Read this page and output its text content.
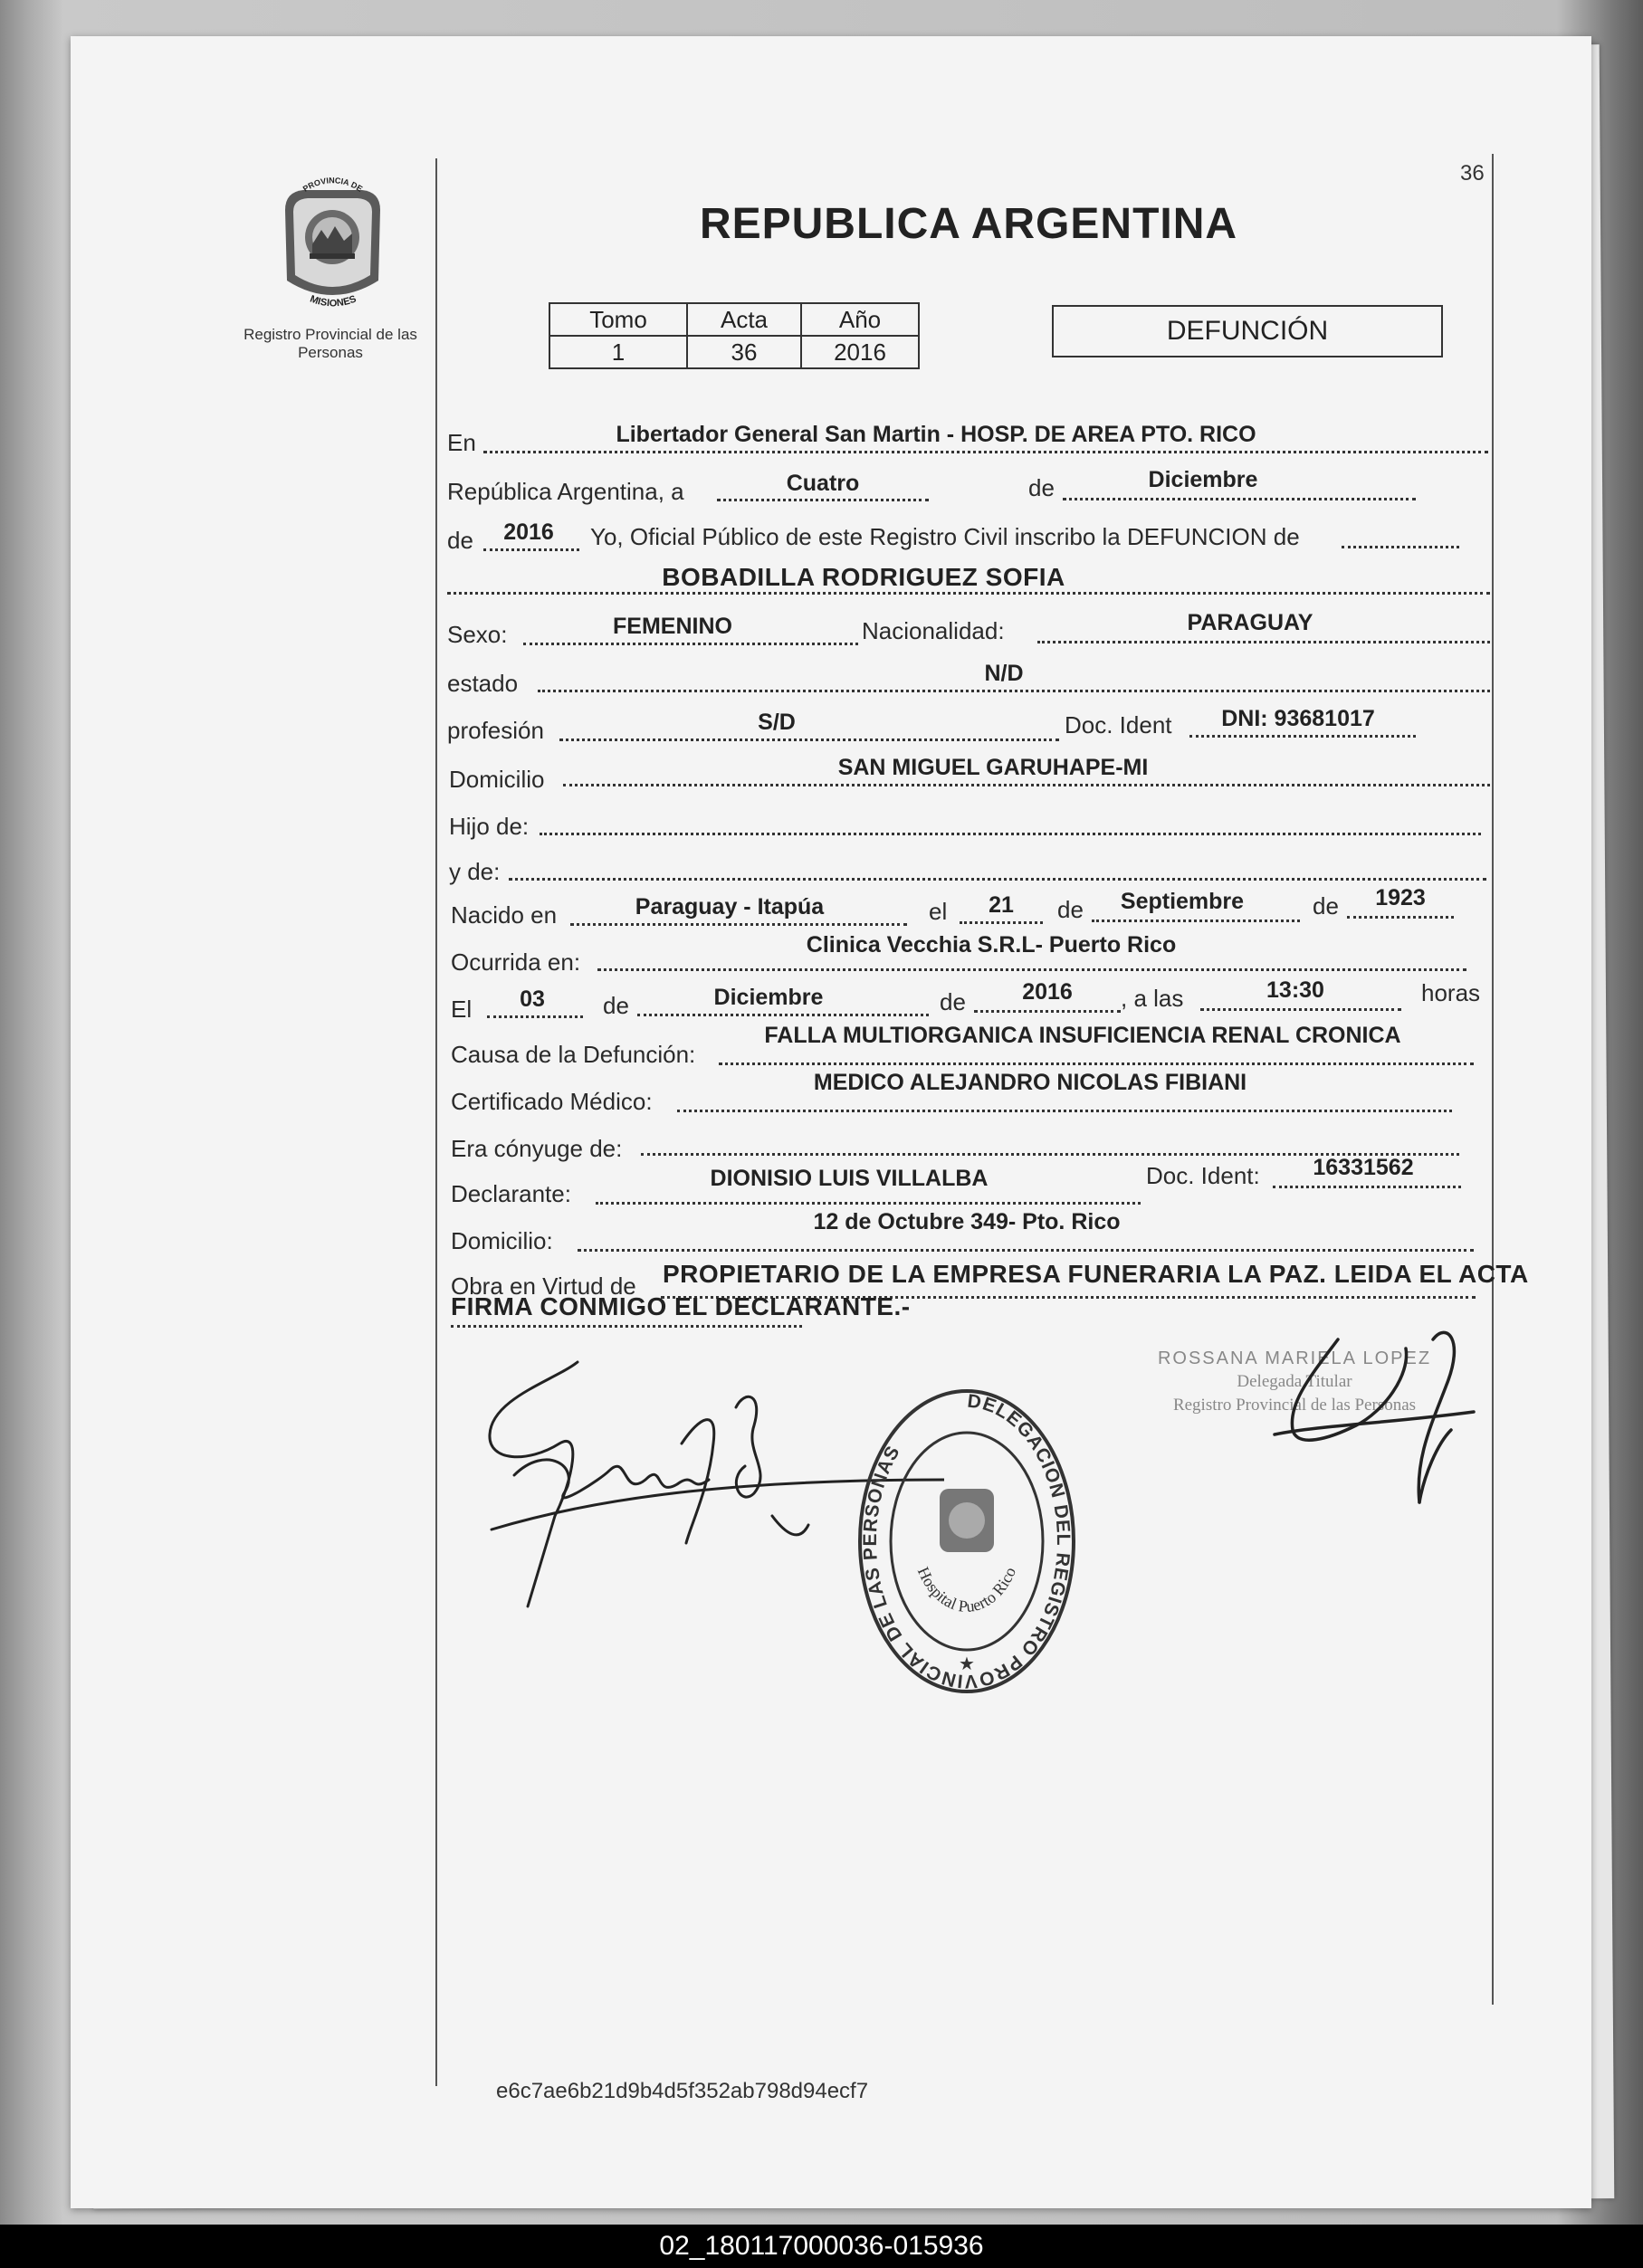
36
PROVINCIA DE
MISIONES
Registro Provincial de las Personas
REPUBLICA ARGENTINA
Tomo	Acta	Año
1	36	2016
DEFUNCIÓN
En	Libertador General San Martin - HOSP. DE AREA PTO. RICO
República Argentina, a	Cuatro	de	Diciembre
de	2016	Yo, Oficial Público de este Registro Civil inscribo la DEFUNCION de
BOBADILLA RODRIGUEZ SOFIA
Sexo:	FEMENINO	Nacionalidad:	PARAGUAY
estado	N/D
profesión	S/D	Doc. Ident	DNI: 93681017
Domicilio	SAN MIGUEL GARUHAPE-MI
Hijo de:
y de:
Nacido en	Paraguay - Itapúa	el	21	de	Septiembre	de	1923
Ocurrida en:
Clinica Vecchia S.R.L- Puerto Rico
El	03	de	Diciembre	de	2016	, a las	13:30	horas
Causa de la Defunción:
FALLA MULTIORGANICA INSUFICIENCIA RENAL CRONICA
Certificado Médico:
MEDICO ALEJANDRO NICOLAS FIBIANI
Era cónyuge de:
Declarante:
DIONISIO LUIS VILLALBA	Doc. Ident:	16331562
Domicilio:
12 de Octubre 349- Pto. Rico
Obra en Virtud de PROPIETARIO DE LA EMPRESA FUNERARIA LA PAZ. LEIDA EL ACTA
FIRMA CONMIGO EL DECLARANTE.-
ROSSANA MARIELA LOPEZ
Delegada Titular
Registro Provincial de las Personas
DELEGACION DEL REGISTRO PROVINCIAL DE LAS PERSONAS
Hospital Puerto Rico
★
e6c7ae6b21d9b4d5f352ab798d94ecf7
02_180117000036-015936
